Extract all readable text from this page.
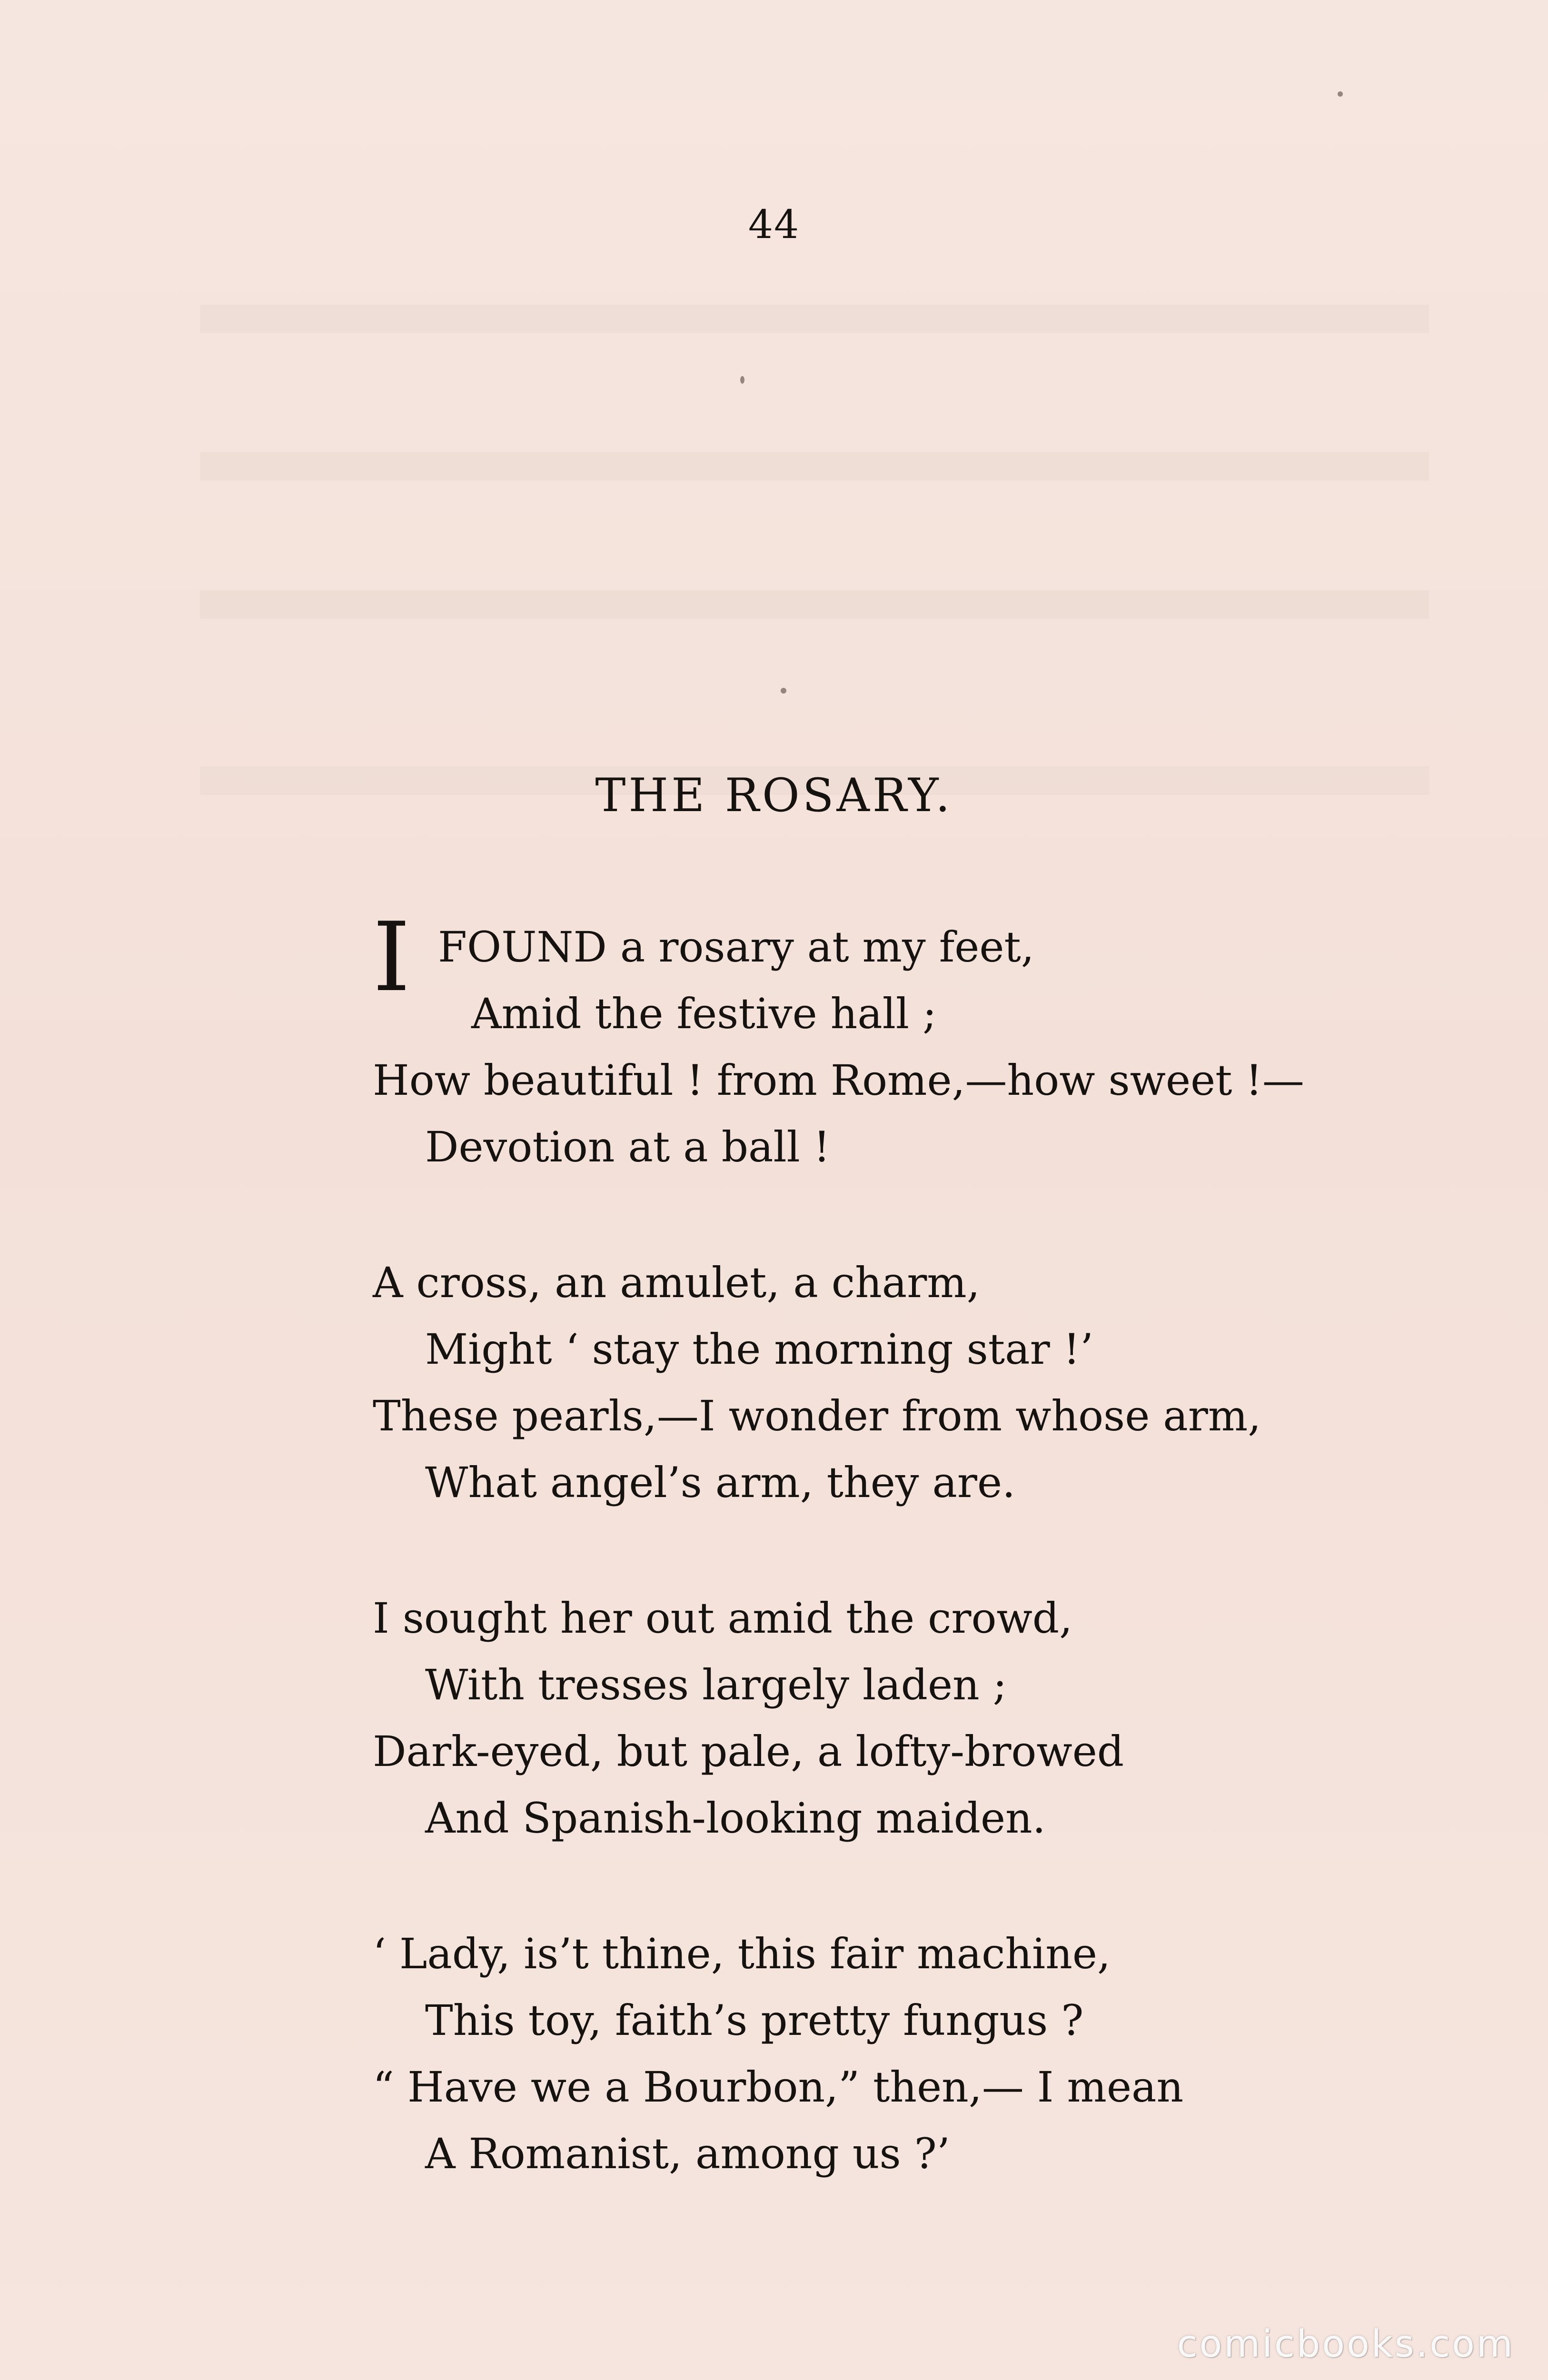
44
THE ROSARY.
I FOUND a rosary at my feet,
Amid the festive hall ;
How beautiful ! from Rome,—how sweet !—
Devotion at a ball !
A cross, an amulet, a charm,
Might ‘ stay the morning star !’
These pearls,—I wonder from whose arm,
What angel’s arm, they are.
I sought her out amid the crowd,
With tresses largely laden ;
Dark-eyed, but pale, a lofty-browed
And Spanish-looking maiden.
‘ Lady, is’t thine, this fair machine,
This toy, faith’s pretty fungus ?
“ Have we a Bourbon,” then,— I mean
A Romanist, among us ?’
comicbooks.com
